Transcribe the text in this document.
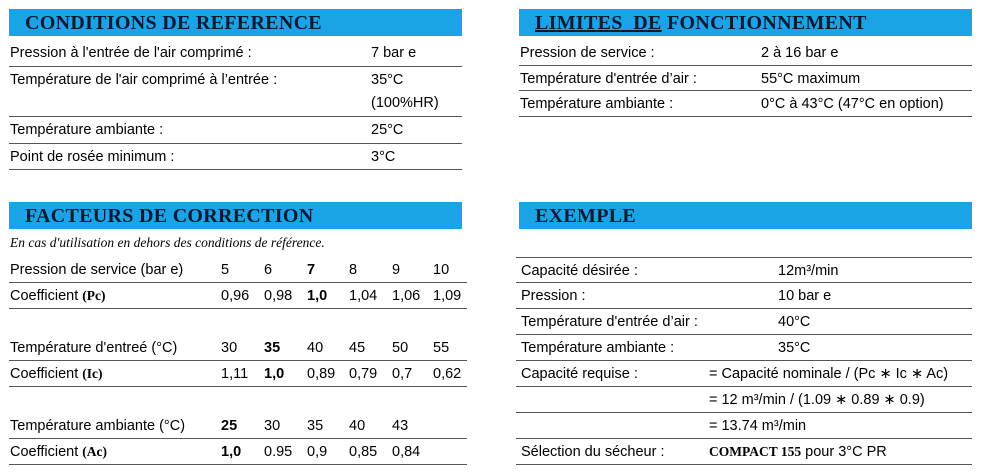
CONDITIONS DE REFERENCE
Pression à l'entrée de l'air comprimé :	7 bar e
Température de l'air comprimé à l’entrée :	35°C
(100%HR)
Température ambiante :	25°C
Point de rosée minimum :	3°C
LIMITES  DE FONCTIONNEMENT
Pression de service :	2 à 16 bar e
Température d'entrée d’air :	55°C maximum
Température ambiante :	0°C à 43°C (47°C en option)
FACTEURS DE CORRECTION
En cas d'utilisation en dehors des conditions de référence.
Pression de service (bar e)	5	6	7	8	9	10
Coefficient (Pc)	0,96	0,98	1,0	1,04	1,06 1,09
Température d'entreé (°C)	30	35	40	45	50	55
Coefficient (Ic)	1,11	1,0	0,89 0,79	0,7	0,62
Température ambiante (°C) 25	30	35	40	43
Coefficient (Ac)	1,0	0.95	0,9	0,85	0,84
EXEMPLE
Capacité désirée :	12m³/min
Pression :	10 bar e
Température d'entrée d’air :	40°C
Température ambiante :	35°C
Capacité requise :	= Capacité nominale / (Pc ∗ Ic ∗ Ac)
= 12 m³/min / (1.09 ∗ 0.89 ∗ 0.9)
= 13.74 m³/min
Sélection du sécheur :	COMPACT 155 pour 3°C PR
